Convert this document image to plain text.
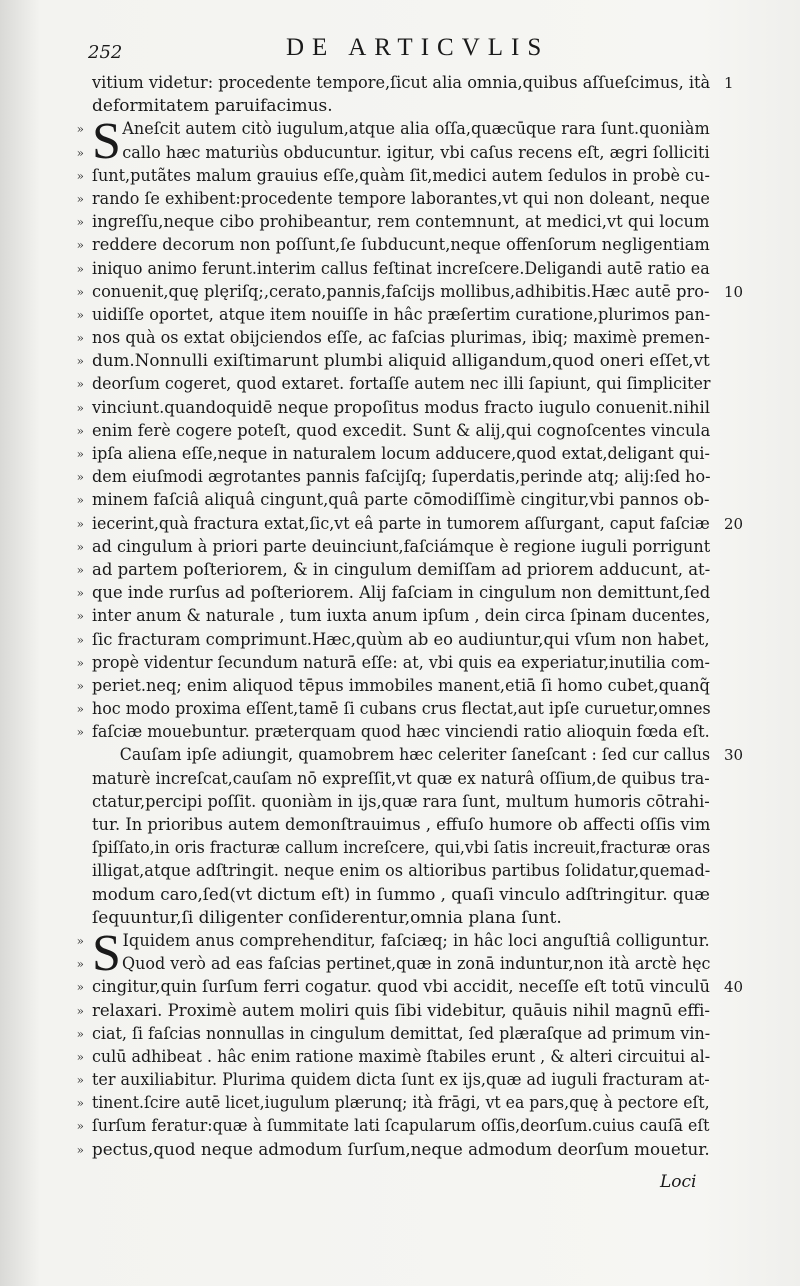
252	DE ARTICVLIS
vitium videtur: procedente tempore,ſicut alia omnia,quibus aſſueſcimus, ità 1
deformitatem paruifacimus.
» S Aneſcit autem citò iugulum,atque alia oſſa,quæcūque rara ſunt.quoniàm
» callo hæc maturiùs obducuntur. igitur, vbi caſus recens eſt, ægri ſolliciti
» ſunt,putãtes malum grauius eſſe,quàm ſit,medici autem ſedulos in probè cu-
» rando ſe exhibent:procedente tempore laborantes,vt qui non doleant, neque
» ingreſſu,neque cibo prohibeantur, rem contemnunt, at medici,vt qui locum
» reddere decorum non poſſunt,ſe ſubducunt,neque offenſorum negligentiam
» iniquo animo ferunt.interim callus feſtinat increſcere.Deligandi autē ratio ea
» conuenit,quę plęriſq;,cerato,pannis,faſcijs mollibus,adhibitis.Hæc autē pro- 10
» uidiſſe oportet, atque item nouiſſe in hâc præſertim curatione,plurimos pan-
» nos quà os extat obijciendos eſſe, ac faſcias plurimas, ibiq; maximè premen-
» dum.Nonnulli exiſtimarunt plumbi aliquid alligandum,quod oneri eſſet,vt
» deorſum cogeret, quod extaret. fortaſſe autem nec illi ſapiunt, qui ſimpliciter
» vinciunt.quandoquidē neque propoſitus modus fracto iugulo conuenit.nihil
» enim ferè cogere poteſt, quod excedit. Sunt & alij,qui cognoſcentes vincula
» ipſa aliena eſſe,neque in naturalem locum adducere,quod extat,deligant qui-
» dem eiuſmodi ægrotantes pannis faſcijſq; ſuperdatis,perinde atq; alij:ſed ho-
» minem faſciâ aliquâ cingunt,quâ parte cōmodiſſimè cingitur,vbi pannos ob-
» iecerint,quà fractura extat,ſic,vt eâ parte in tumorem aſſurgant, caput faſciæ 20
» ad cingulum à priori parte deuinciunt,faſciámque è regione iuguli porrigunt
» ad partem poſteriorem, & in cingulum demiſſam ad priorem adducunt, at-
» que inde rurſus ad poſteriorem. Alij faſciam in cingulum non demittunt,ſed
» inter anum & naturale , tum iuxta anum ipſum , dein circa ſpinam ducentes,
» ſic fracturam comprimunt.Hæc,quùm ab eo audiuntur,qui vſum non habet,
» propè videntur ſecundum naturā eſſe: at, vbi quis ea experiatur,inutilia com-
» periet.neq; enim aliquod tēpus immobiles manent,etiā ſi homo cubet,quanq̃
» hoc modo proxima eſſent,tamē ſi cubans crus flectat,aut ipſe curuetur,omnes
» faſciæ mouebuntur. præterquam quod hæc vinciendi ratio alioquin fœda eſt.
Cauſam ipſe adiungit, quamobrem hæc celeriter ſaneſcant : ſed cur callus 30
maturè increſcat,cauſam nō expreſſit,vt quæ ex naturâ oſſium,de quibus tra-
ctatur,percipi poſſit. quoniàm in ijs,quæ rara ſunt, multum humoris cōtrahi-
tur. In prioribus autem demonſtrauimus , effuſo humore ob affecti oſſis vim
ſpiſſato,in oris fracturæ callum increſcere, qui,vbi ſatis increuit,fracturæ oras
illigat,atque adſtringit. neque enim os altioribus partibus ſolidatur,quemad-
modum caro,ſed(vt dictum eſt) in ſummo , quaſi vinculo adſtringitur. quæ
ſequuntur,ſi diligenter conſiderentur,omnia plana ſunt.
» S Iquidem anus comprehenditur, faſciæq; in hâc loci anguſtiâ colliguntur.
» Quod verò ad eas faſcias pertinet,quæ in zonā induntur,non ità arctè hęc
» cingitur,quin ſurſum ferri cogatur. quod vbi accidit, neceſſe eſt totū vinculū 40
» relaxari. Proximè autem moliri quis ſibi videbitur, quāuis nihil magnū effi-
» ciat, ſi faſcias nonnullas in cingulum demittat, ſed plæraſque ad primum vin-
» culū adhibeat . hâc enim ratione maximè ſtabiles erunt , & alteri circuitui al-
» ter auxiliabitur. Plurima quidem dicta ſunt ex ijs,quæ ad iuguli fracturam at-
» tinent.ſcire autē licet,iugulum plærunq; ità frāgi, vt ea pars,quę à pectore eſt,
» ſurſum feratur:quæ à ſummitate lati ſcapularum oſſis,deorſum.cuius cauſā eſt
» pectus,quod neque admodum ſurſum,neque admodum deorſum mouetur.
Loci
